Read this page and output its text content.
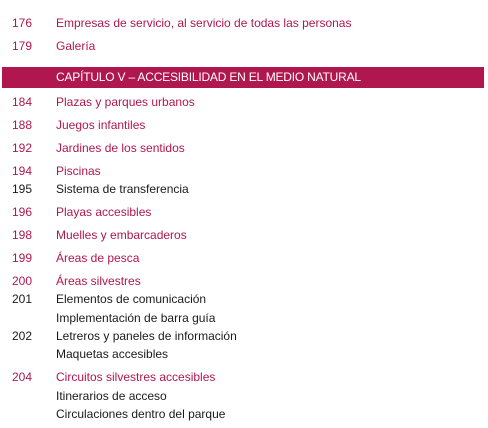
176	Empresas de servicio, al servicio de todas las personas
179	Galería
CAPÍTULO V – ACCESIBILIDAD EN EL MEDIO NATURAL
184	Plazas y parques urbanos
188	Juegos infantiles
192	Jardines de los sentidos
194	Piscinas
195	Sistema de transferencia
196	Playas accesibles
198	Muelles y embarcaderos
199	Áreas de pesca
200	Áreas silvestres
201	Elementos de comunicación
Implementación de barra guía
202	Letreros y paneles de información
Maquetas accesibles
204	Circuitos silvestres accesibles
Itinerarios de acceso
Circulaciones dentro del parque
